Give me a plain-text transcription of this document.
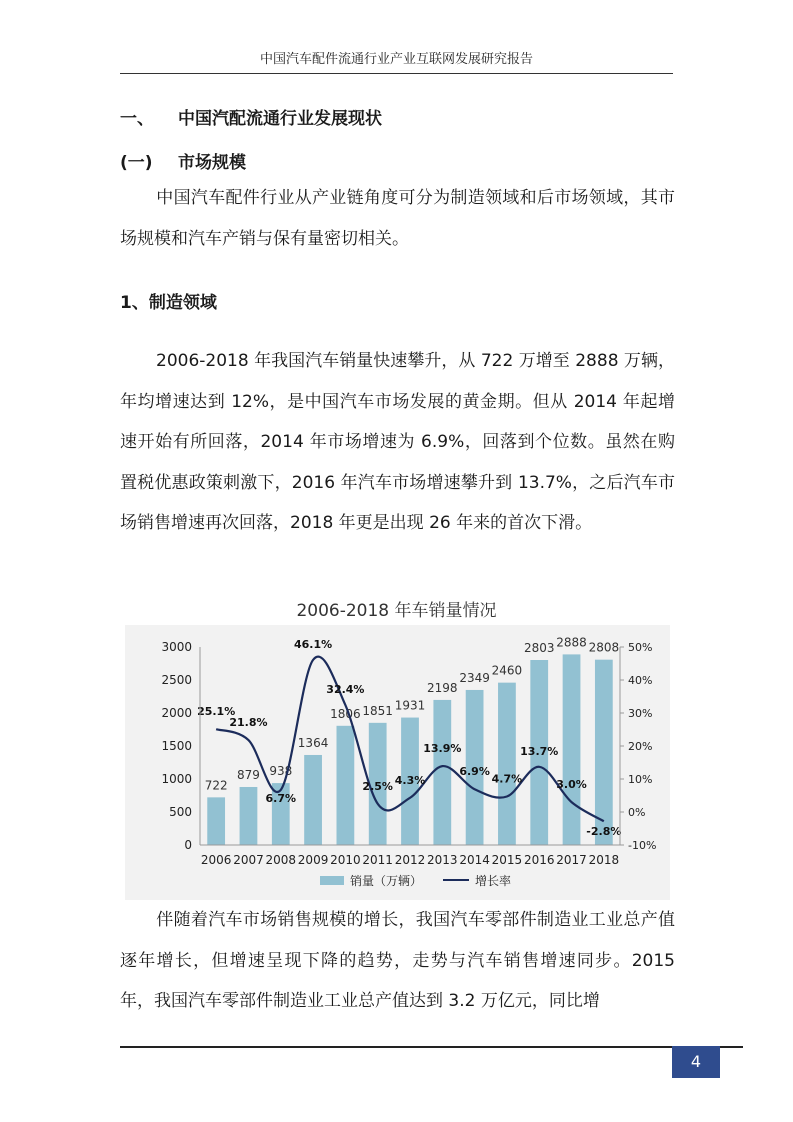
中国汽车配件流通行业产业互联网发展研究报告
一、 中国汽配流通行业发展现状
(一) 市场规模
中国汽车配件行业从产业链角度可分为制造领域和后市场领域，其市场规模和汽车产销与保有量密切相关。
1、制造领域
2006-2018 年我国汽车销量快速攀升，从 722 万增至 2888 万辆，年均增速达到 12%，是中国汽车市场发展的黄金期。但从 2014 年起增速开始有所回落，2014 年市场增速为 6.9%，回落到个位数。虽然在购置税优惠政策刺激下，2016 年汽车市场增速攀升到 13.7%，之后汽车市场销售增速再次回落，2018 年更是出现 26 年来的首次下滑。
2006-2018 年车销量情况
722
879 938
1364
1806 1851 1931
2198
2349
2460
2803 2888 2808
25.1%
21.8%
6.7%
46.1%
32.4%
2.5% 4.3%
13.9%
6.9%
4.7%
13.7%
3.0%
-2.8%
0
500
1000
1500
2000
2500
3000
-10%
0%
10%
20%
30%
40%
50%
2006 2007 2008 2009 2010 2011 2012 2013 2014 2015 2016 2017 2018
销量（万辆）	增长率
伴随着汽车市场销售规模的增长，我国汽车零部件制造业工业总产值逐年增长，但增速呈现下降的趋势，走势与汽车销售增速同步。2015 年，我国汽车零部件制造业工业总产值达到 3.2 万亿元，同比增
4
